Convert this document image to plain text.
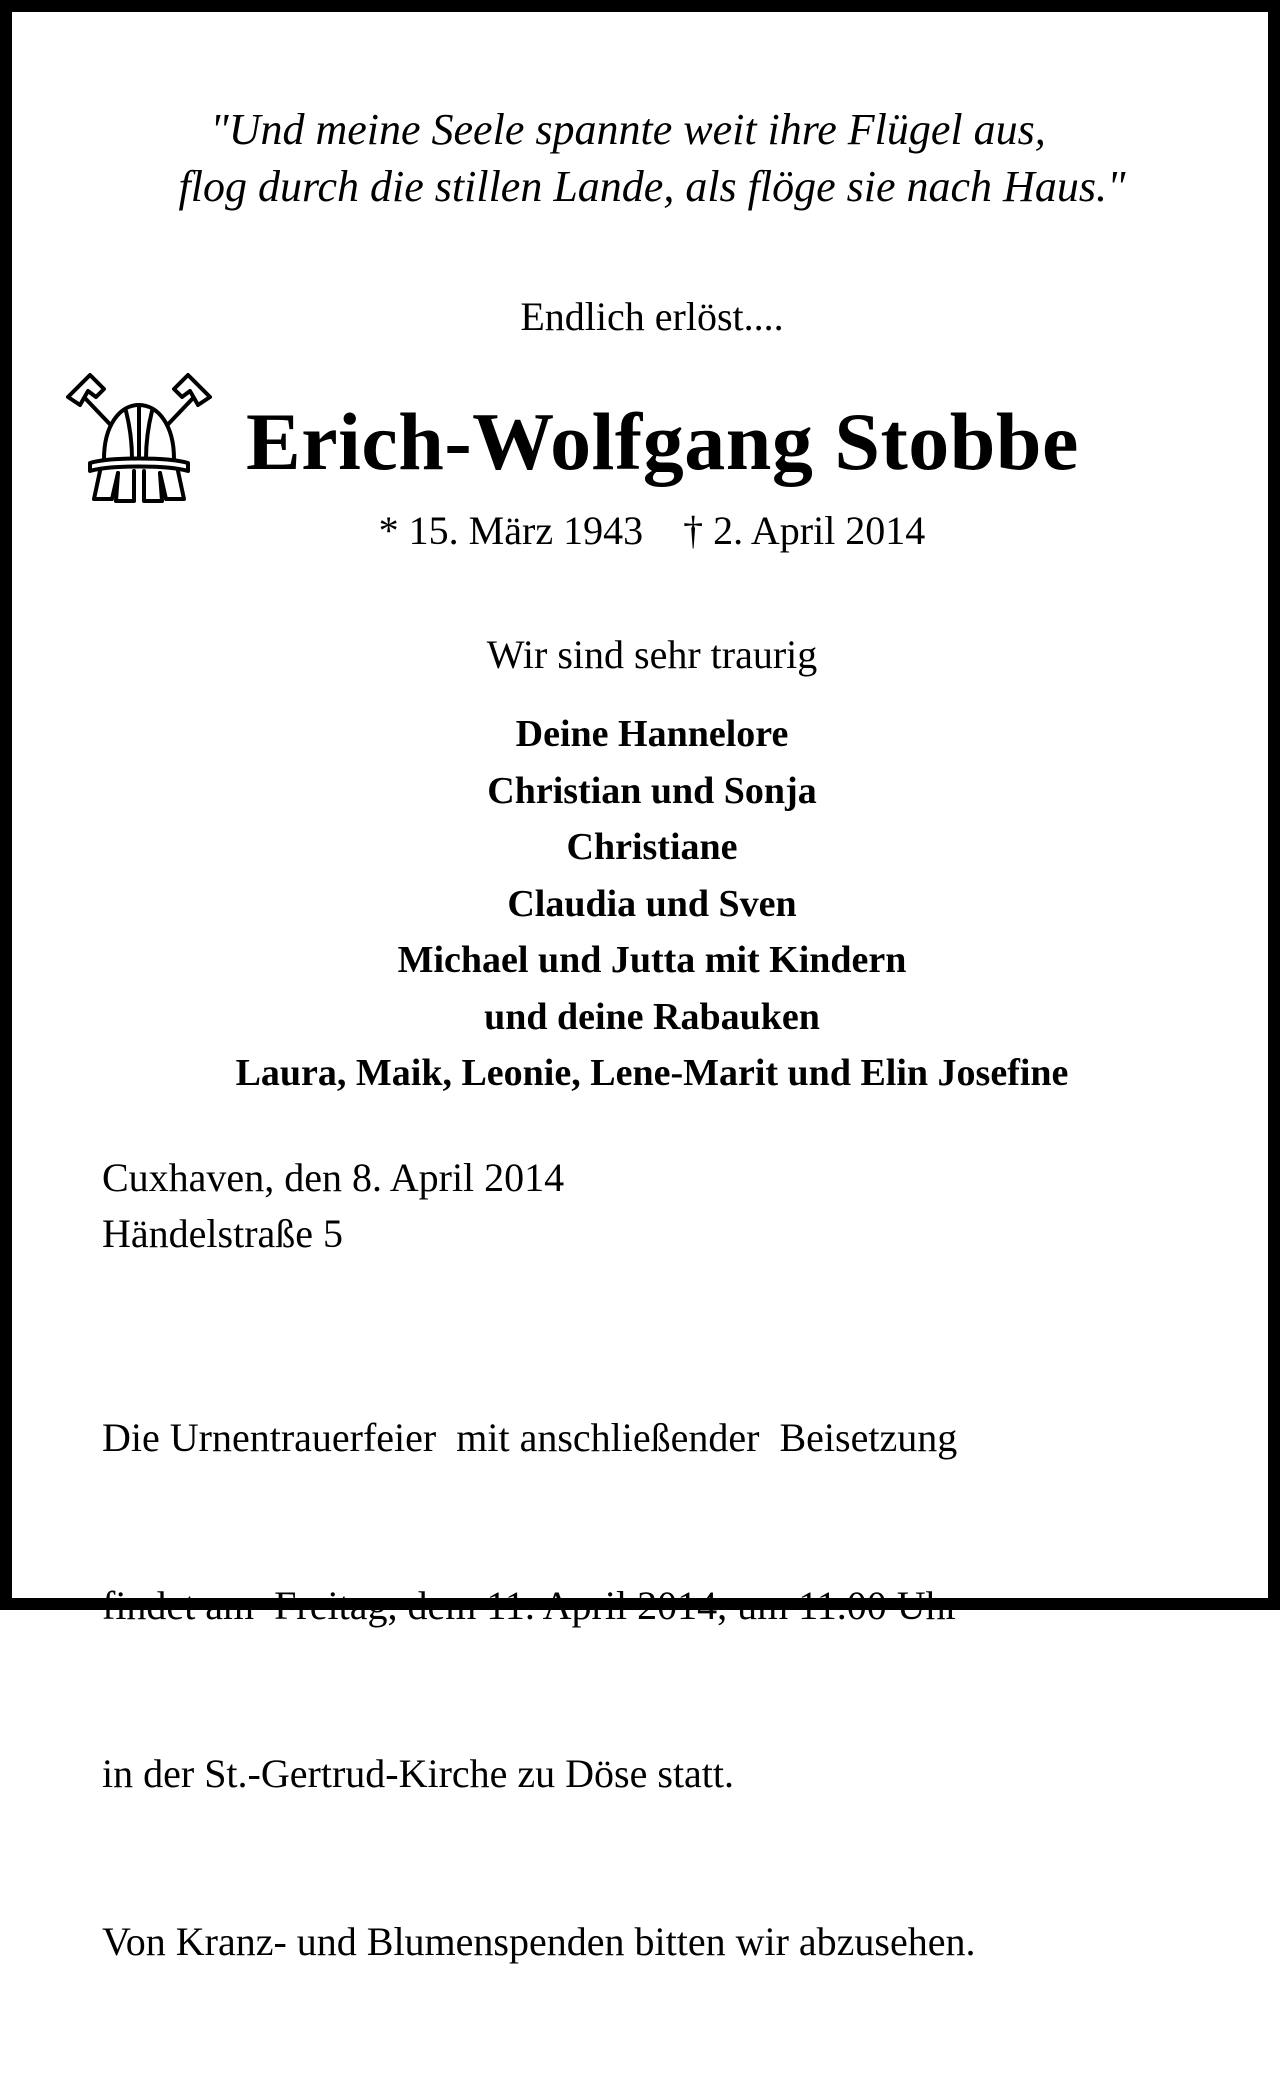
"Und meine Seele spannte weit ihre Flügel aus,
flog durch die stillen Lande, als flöge sie nach Haus."
Endlich erlöst....
Erich-Wolfgang Stobbe
* 15. März 1943 † 2. April 2014
Wir sind sehr traurig
Deine Hannelore
Christian und Sonja
Christiane
Claudia und Sven
Michael und Jutta mit Kindern
und deine Rabauken
Laura, Maik, Leonie, Lene-Marit und Elin Josefine
Cuxhaven, den 8. April 2014
Händelstraße 5

Die Urnentrauerfeier  mit anschließender  Beisetzung

findet am  Freitag, dem 11. April 2014, um 11.00 Uhr

in der St.-Gertrud-Kirche zu Döse statt.

Von Kranz- und Blumenspenden bitten wir abzusehen.
